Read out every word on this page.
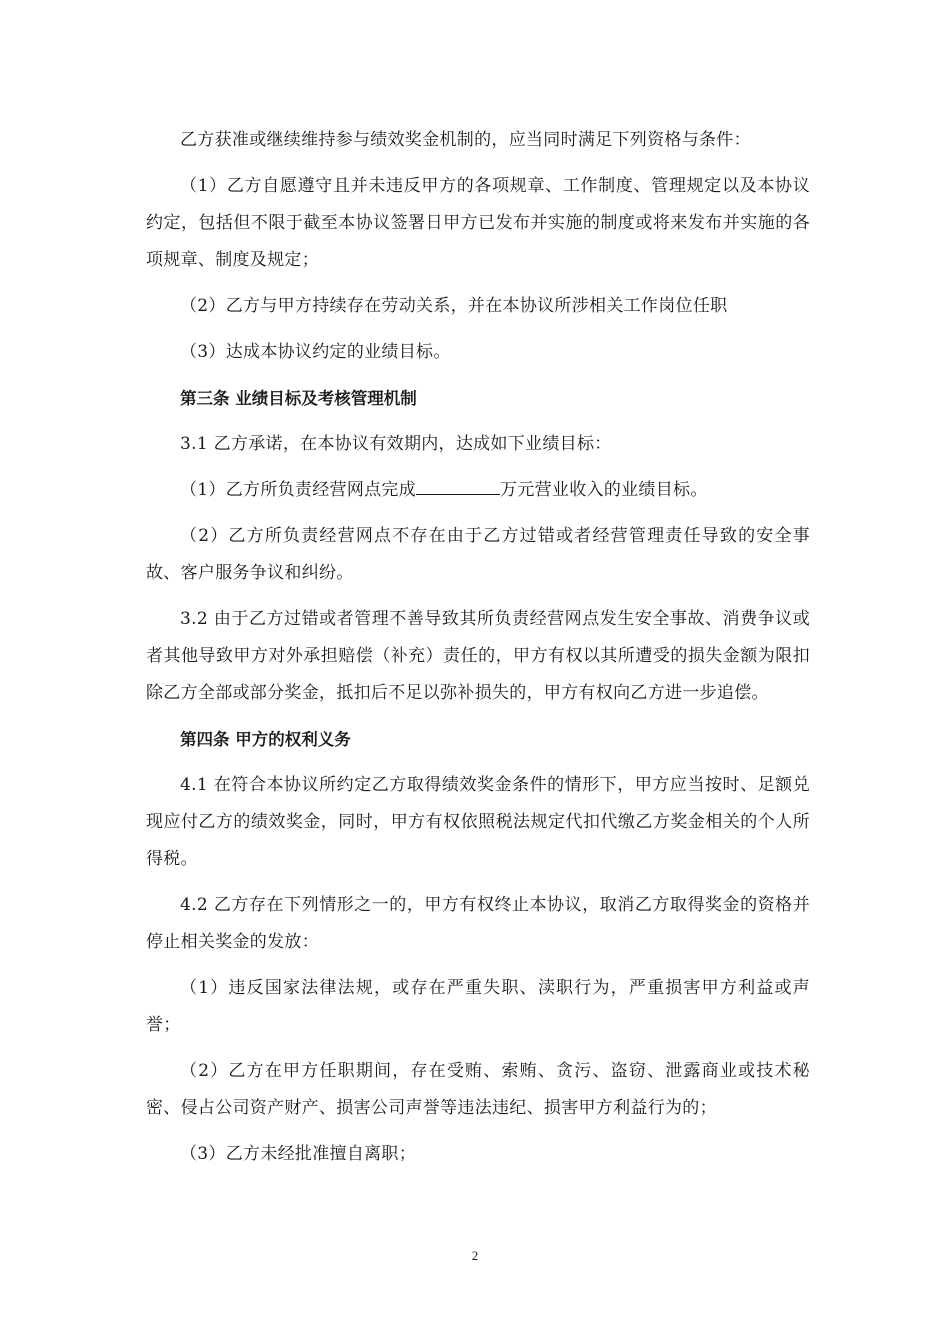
乙方获准或继续维持参与绩效奖金机制的，应当同时满足下列资格与条件：

（1）乙方自愿遵守且并未违反甲方的各项规章、工作制度、管理规定以及本协议约定，包括但不限于截至本协议签署日甲方已发布并实施的制度或将来发布并实施的各项规章、制度及规定；

（2）乙方与甲方持续存在劳动关系，并在本协议所涉相关工作岗位任职

（3）达成本协议约定的业绩目标。

第三条 业绩目标及考核管理机制

3.1 乙方承诺，在本协议有效期内，达成如下业绩目标：

（1）乙方所负责经营网点完成	万元营业收入的业绩目标。

（2）乙方所负责经营网点不存在由于乙方过错或者经营管理责任导致的安全事故、客户服务争议和纠纷。

3.2 由于乙方过错或者管理不善导致其所负责经营网点发生安全事故、消费争议或者其他导致甲方对外承担赔偿（补充）责任的，甲方有权以其所遭受的损失金额为限扣除乙方全部或部分奖金，抵扣后不足以弥补损失的，甲方有权向乙方进一步追偿。

第四条 甲方的权利义务

4.1 在符合本协议所约定乙方取得绩效奖金条件的情形下，甲方应当按时、足额兑现应付乙方的绩效奖金，同时，甲方有权依照税法规定代扣代缴乙方奖金相关的个人所得税。

4.2 乙方存在下列情形之一的，甲方有权终止本协议，取消乙方取得奖金的资格并停止相关奖金的发放：

（1）违反国家法律法规，或存在严重失职、渎职行为，严重损害甲方利益或声誉；

（2）乙方在甲方任职期间，存在受贿、索贿、贪污、盗窃、泄露商业或技术秘密、侵占公司资产财产、损害公司声誉等违法违纪、损害甲方利益行为的；

（3）乙方未经批准擅自离职；

2
